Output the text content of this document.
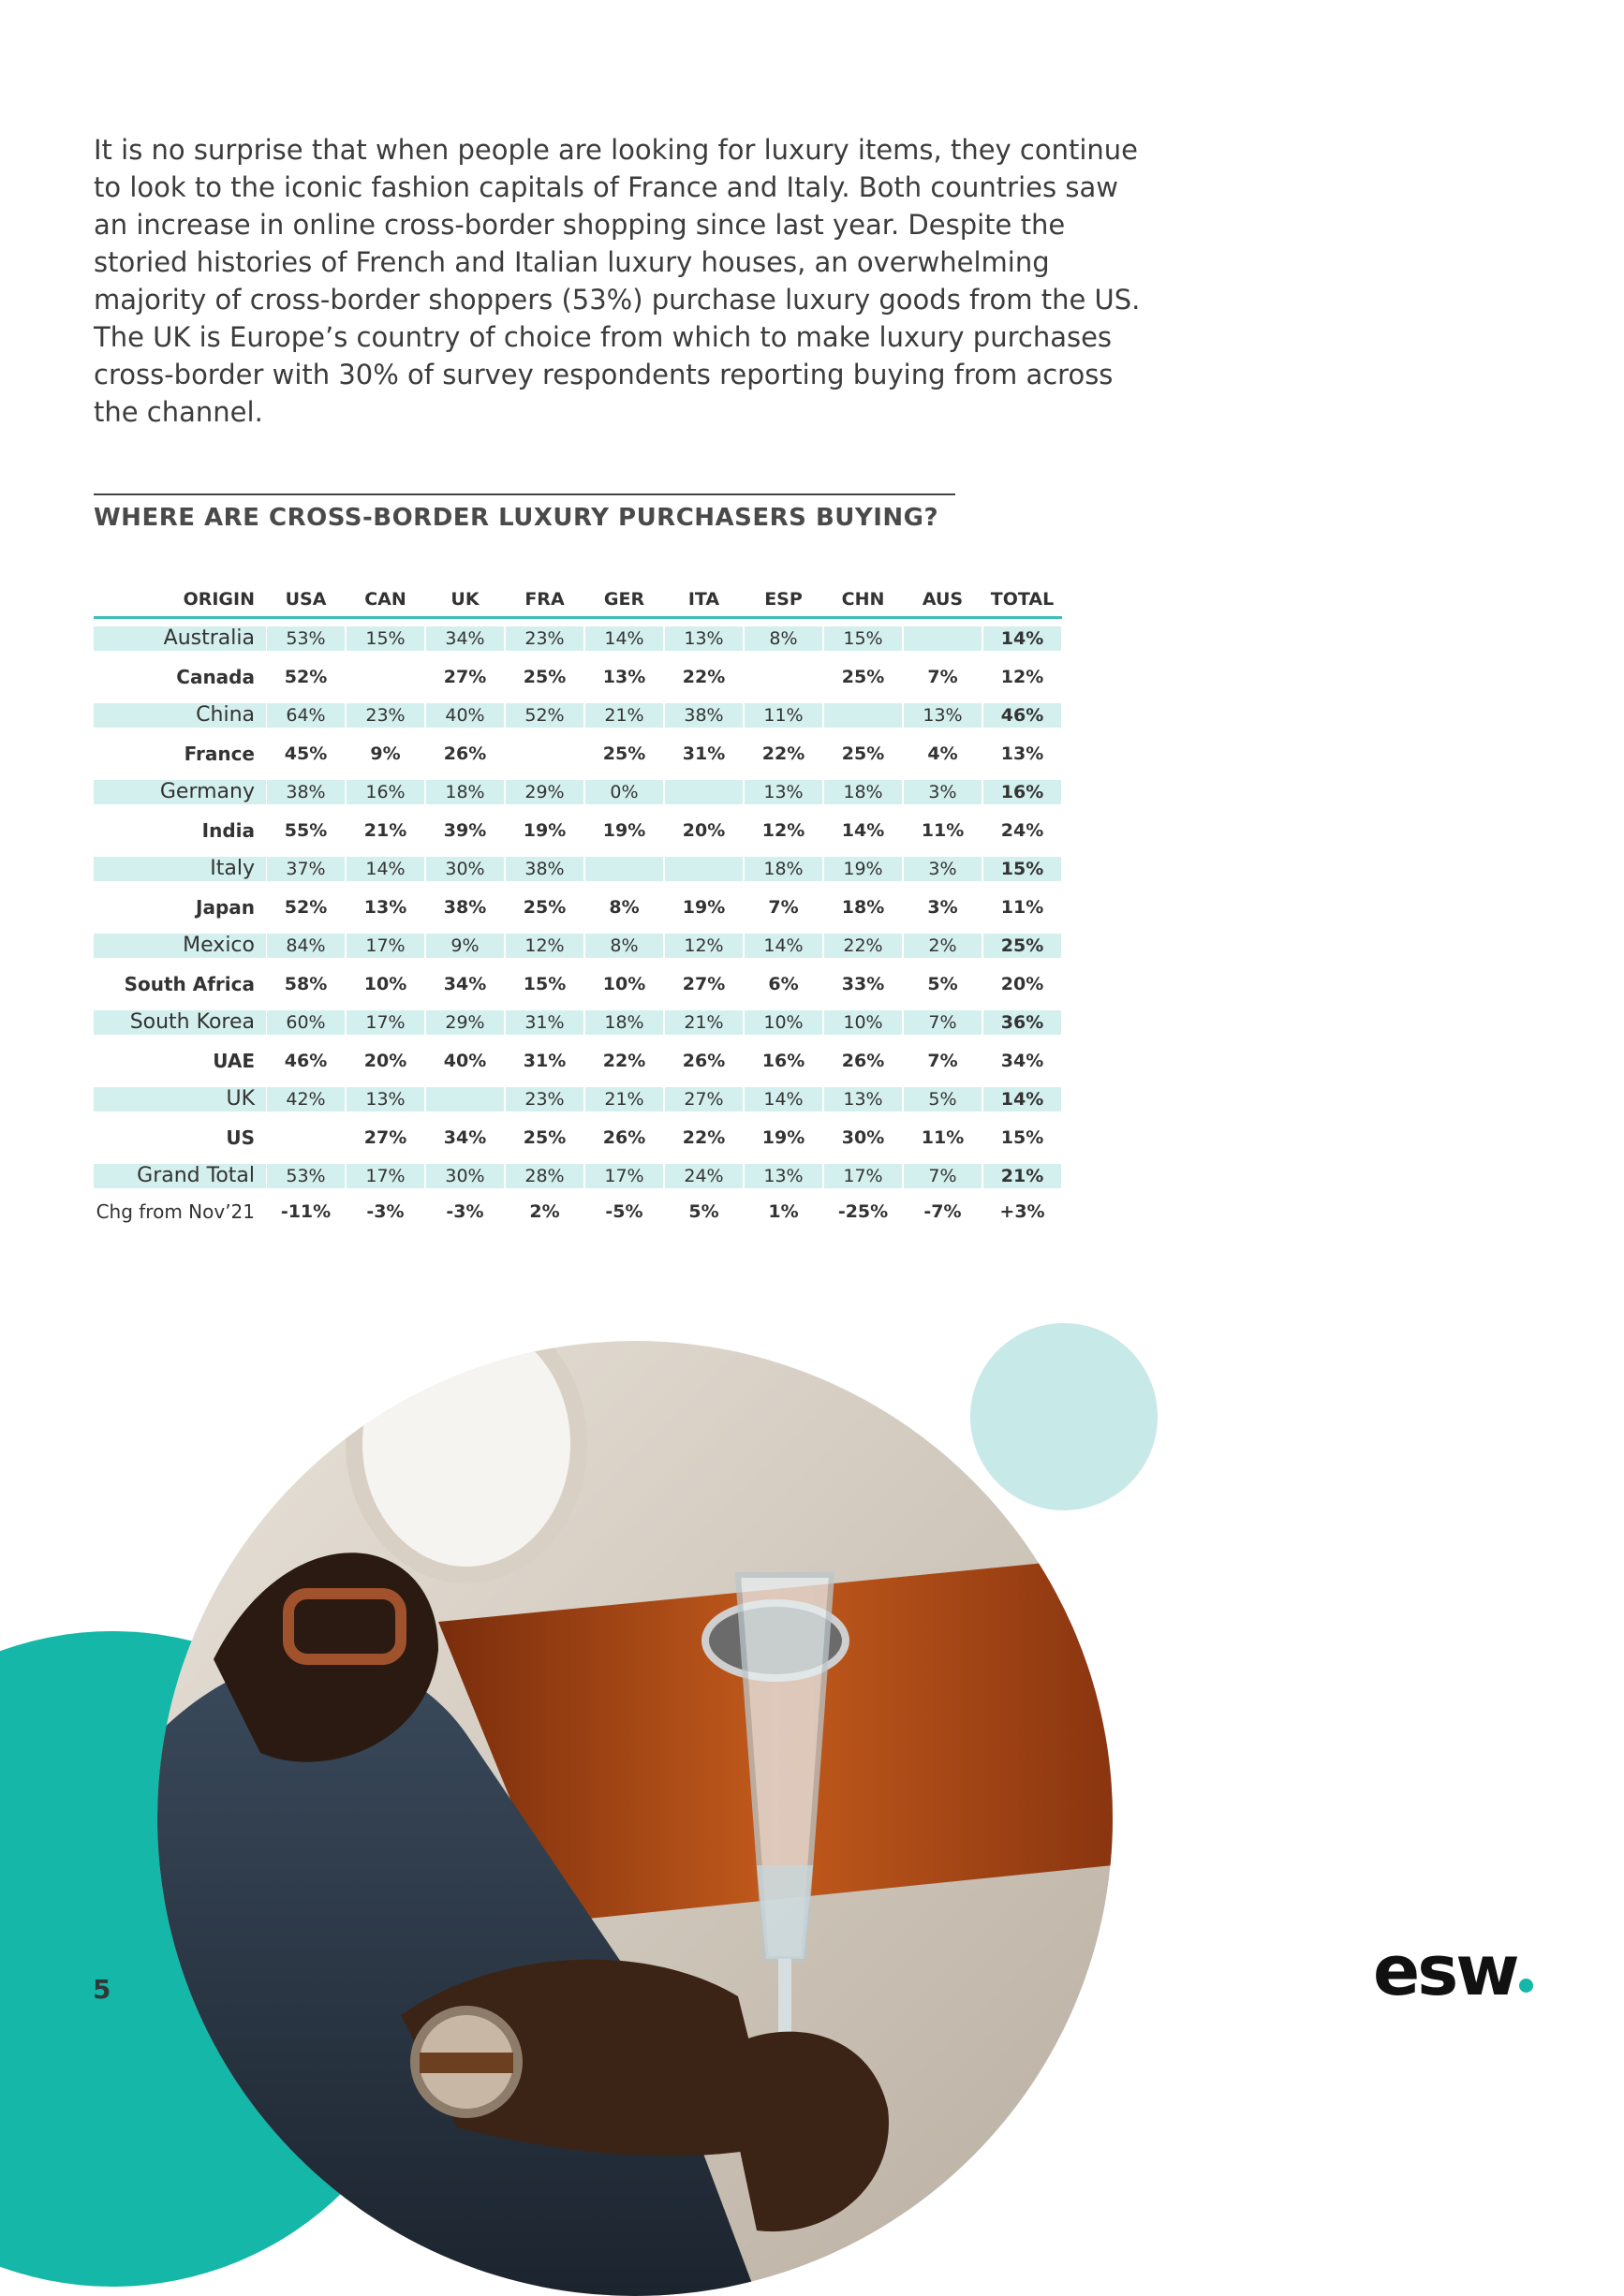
It is no surprise that when people are looking for luxury items, they continue to look to the iconic fashion capitals of France and Italy. Both countries saw an increase in online cross-border shopping since last year. Despite the storied histories of French and Italian luxury houses, an overwhelming majority of cross-border shoppers (53%) purchase luxury goods from the US. The UK is Europe’s country of choice from which to make luxury purchases cross-border with 30% of survey respondents reporting buying from across the channel.

WHERE ARE CROSS-BORDER LUXURY PURCHASERS BUYING?
ORIGIN	USA	CAN	UK	FRA	GER	ITA	ESP	CHN	AUS	TOTAL

Australia	53%	15%	34%	23%	14%	13%	8%	15%		14%

Canada	52%		27%	25%	13%	22%		25%	7%	12%

China	64%	23%	40%	52%	21%	38%	11%		13%	46%

France	45%	9%	26%		25%	31%	22%	25%	4%	13%

Germany	38%	16%	18%	29%	0%		13%	18%	3%	16%

India	55%	21%	39%	19%	19%	20%	12%	14%	11%	24%

Italy	37%	14%	30%	38%			18%	19%	3%	15%

Japan	52%	13%	38%	25%	8%	19%	7%	18%	3%	11%

Mexico	84%	17%	9%	12%	8%	12%	14%	22%	2%	25%

South Africa	58%	10%	34%	15%	10%	27%	6%	33%	5%	20%

South Korea	60%	17%	29%	31%	18%	21%	10%	10%	7%	36%

UAE	46%	20%	40%	31%	22%	26%	16%	26%	7%	34%

UK	42%	13%		23%	21%	27%	14%	13%	5%	14%

US		27%	34%	25%	26%	22%	19%	30%	11%	15%

Grand Total	53%	17%	30%	28%	17%	24%	13%	17%	7%	21%

Chg from Nov’21	-11%	-3%	-3%	2%	-5%	5%	1%	-25%	-7%	+3%
5	esw
